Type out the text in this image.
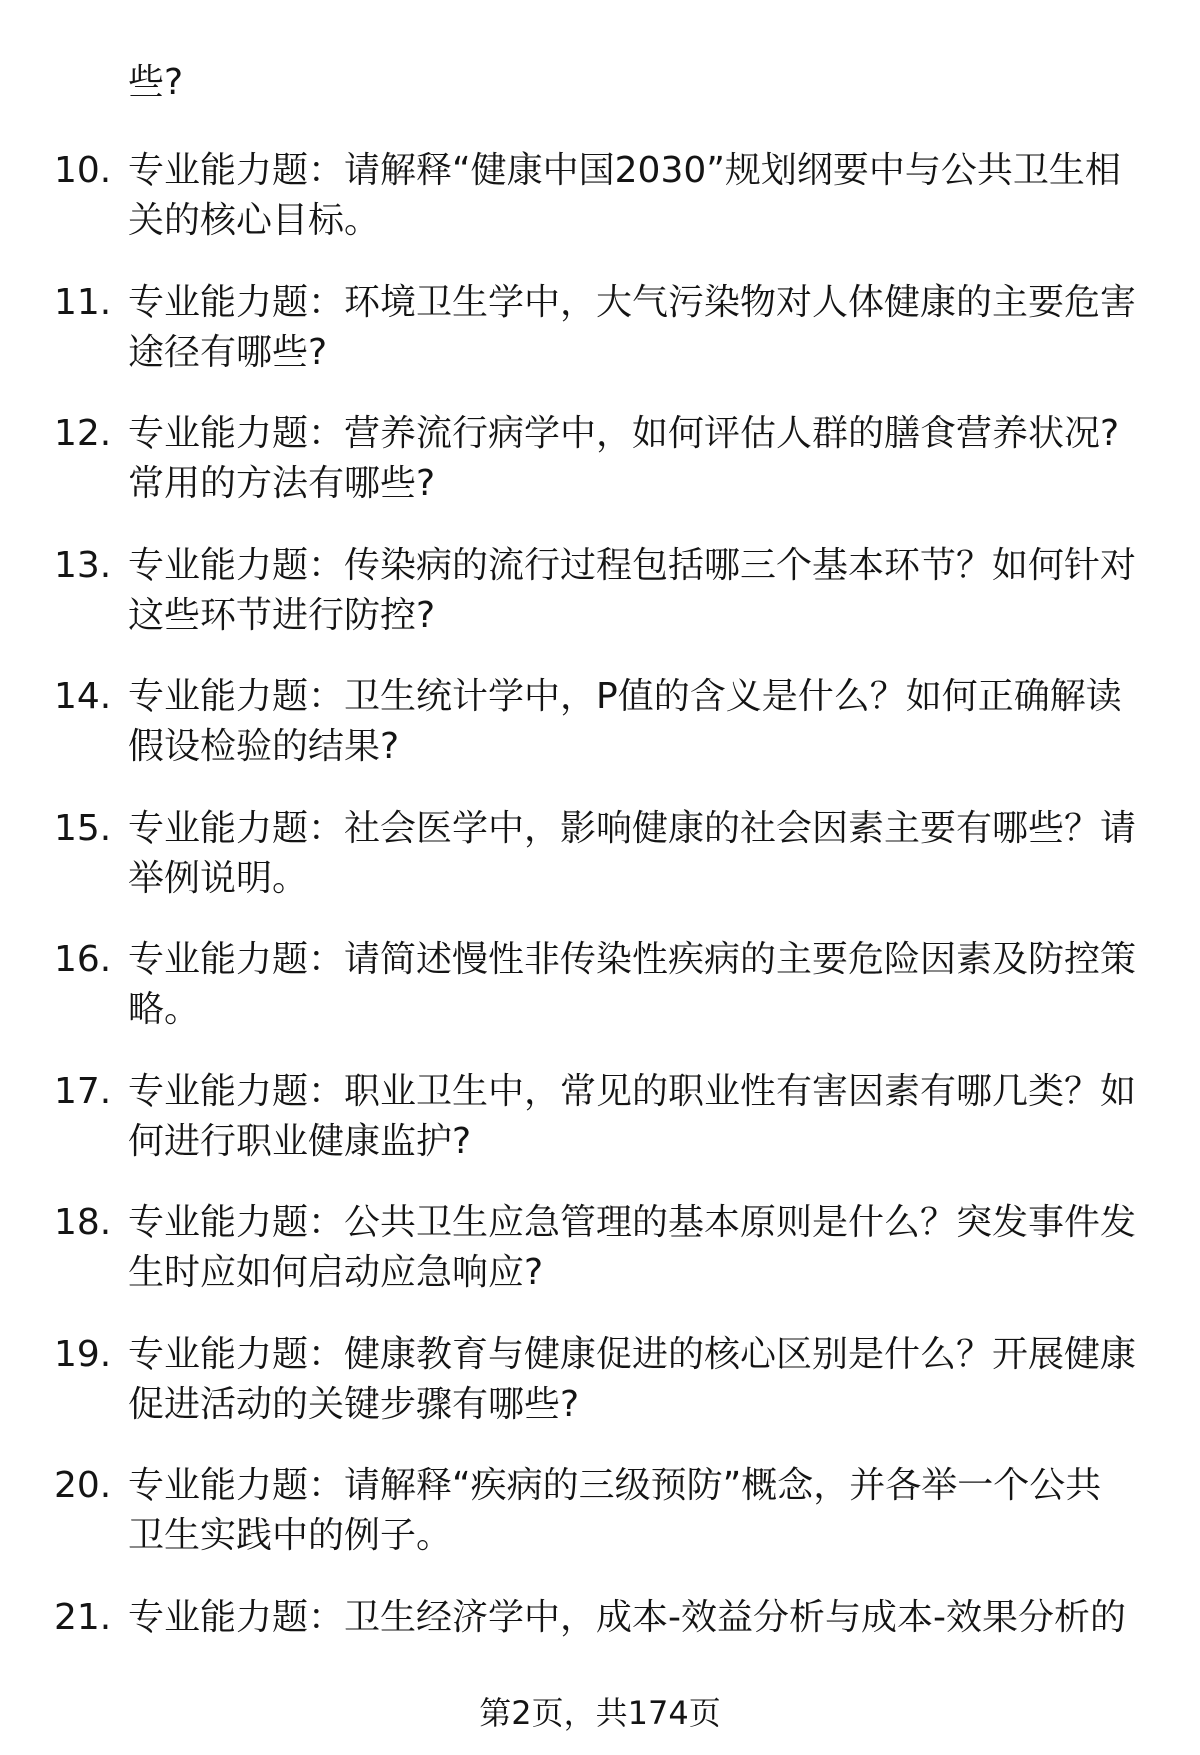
些?

10. 专业能力题：请解释“健康中国2030”规划纲要中与公共卫生相
关的核心目标。
11. 专业能力题：环境卫生学中，大气污染物对人体健康的主要危害
途径有哪些?
12. 专业能力题：营养流行病学中，如何评估人群的膳食营养状况?
常用的方法有哪些?
13. 专业能力题：传染病的流行过程包括哪三个基本环节？如何针对
这些环节进行防控?
14. 专业能力题：卫生统计学中，P值的含义是什么？如何正确解读
假设检验的结果?
15. 专业能力题：社会医学中，影响健康的社会因素主要有哪些？请
举例说明。
16. 专业能力题：请简述慢性非传染性疾病的主要危险因素及防控策
略。
17. 专业能力题：职业卫生中，常见的职业性有害因素有哪几类？如
何进行职业健康监护?
18. 专业能力题：公共卫生应急管理的基本原则是什么？突发事件发
生时应如何启动应急响应?
19. 专业能力题：健康教育与健康促进的核心区别是什么？开展健康
促进活动的关键步骤有哪些?
20. 专业能力题：请解释“疾病的三级预防”概念，并各举一个公共
卫生实践中的例子。
21. 专业能力题：卫生经济学中，成本-效益分析与成本-效果分析的

第2页，共174页
